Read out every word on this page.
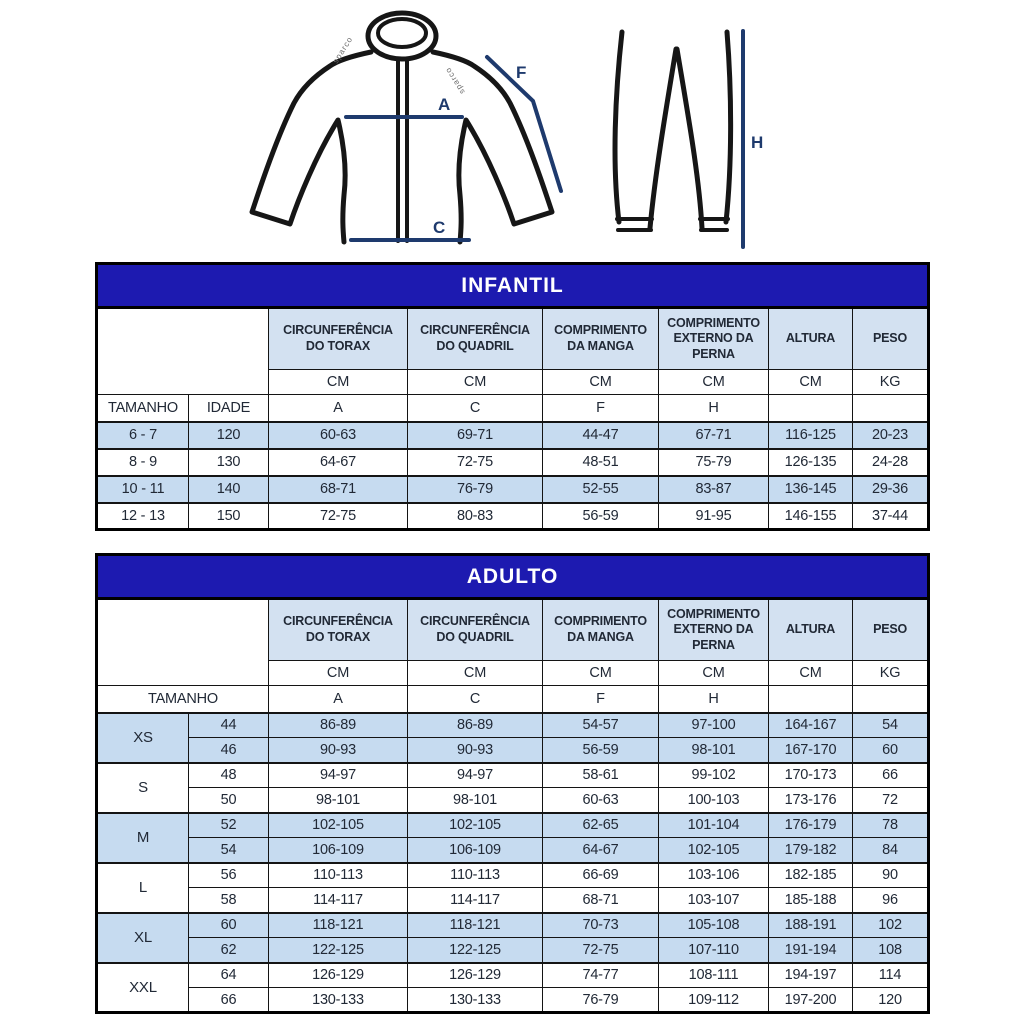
sparco
sparco
A
C
F
H
INFANTIL							
		CIRCUNFERÊNCIA DO TORAX	CIRCUNFERÊNCIA DO QUADRIL	COMPRIMENTO DA MANGA	COMPRIMENTO EXTERNO DA PERNA	ALTURA	PESO
		CM	CM	CM	CM	CM	KG
TAMANHO	IDADE	A	C	F	H		
6 - 7	120	60-63	69-71	44-47	67-71	116-125	20-23
8 - 9	130	64-67	72-75	48-51	75-79	126-135	24-28
10 - 11	140	68-71	76-79	52-55	83-87	136-145	29-36
12 - 13	150	72-75	80-83	56-59	91-95	146-155	37-44
ADULTO							
		CIRCUNFERÊNCIA DO TORAX	CIRCUNFERÊNCIA DO QUADRIL	COMPRIMENTO DA MANGA	COMPRIMENTO EXTERNO DA PERNA	ALTURA	PESO
		CM	CM	CM	CM	CM	KG
TAMANHO		A	C	F	H		
XS	44	86-89	86-89	54-57	97-100	164-167	54
	46	90-93	90-93	56-59	98-101	167-170	60
S	48	94-97	94-97	58-61	99-102	170-173	66
	50	98-101	98-101	60-63	100-103	173-176	72
M	52	102-105	102-105	62-65	101-104	176-179	78
	54	106-109	106-109	64-67	102-105	179-182	84
L	56	110-113	110-113	66-69	103-106	182-185	90
	58	114-117	114-117	68-71	103-107	185-188	96
XL	60	118-121	118-121	70-73	105-108	188-191	102
	62	122-125	122-125	72-75	107-110	191-194	108
XXL	64	126-129	126-129	74-77	108-111	194-197	114
	66	130-133	130-133	76-79	109-112	197-200	120
